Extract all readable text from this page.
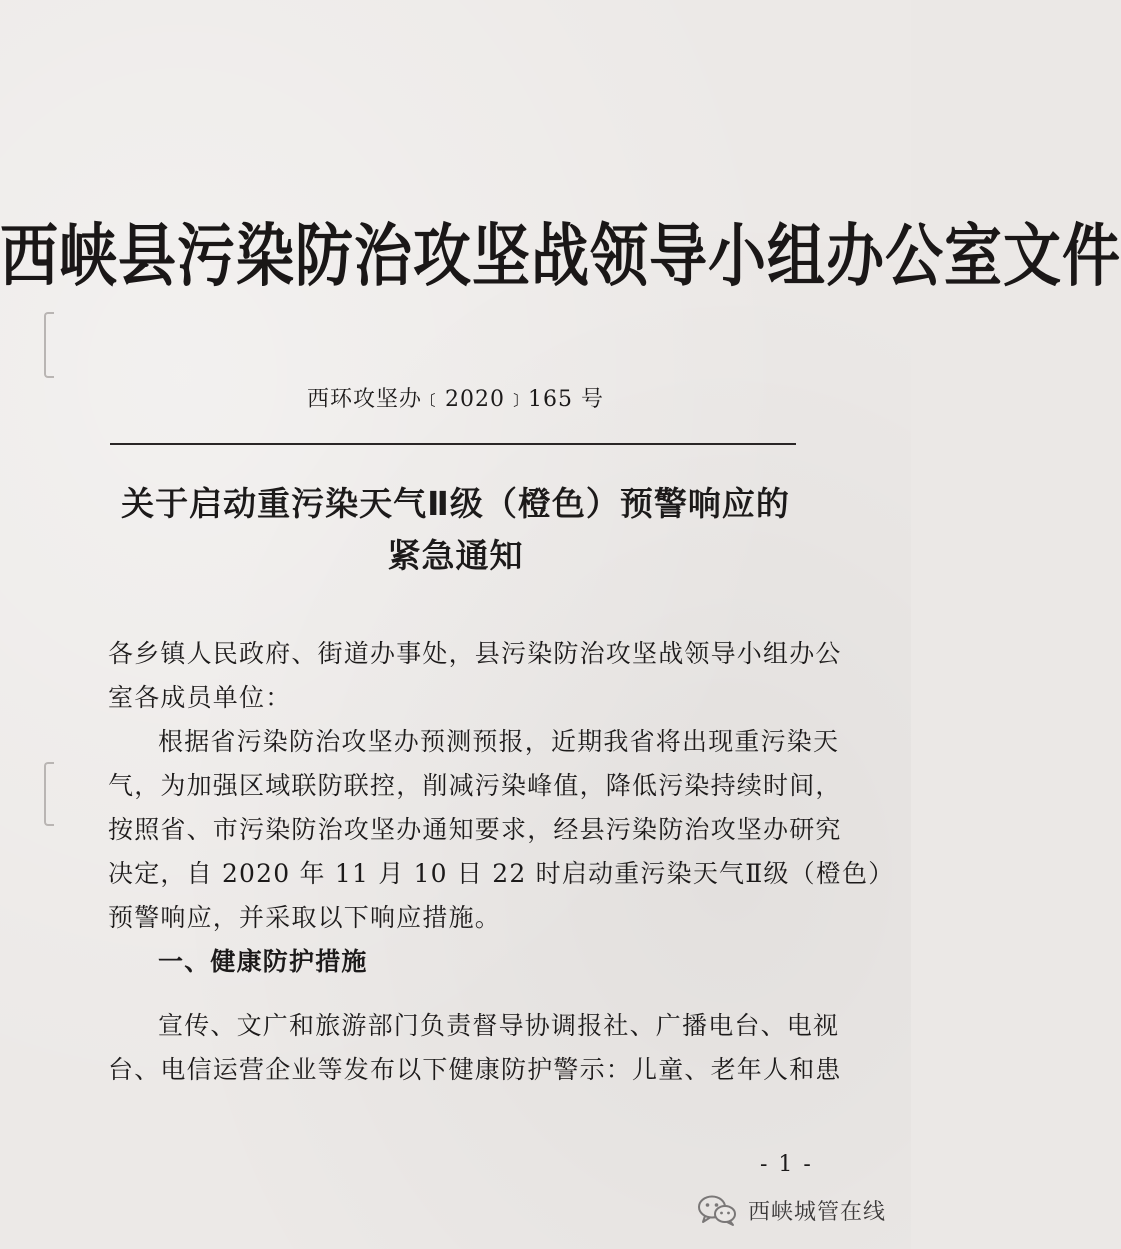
西峡县污染防治攻坚战领导小组办公室文件
西环攻坚办﹝2020﹞165 号
关于启动重污染天气Ⅱ级（橙色）预警响应的
紧急通知
各乡镇人民政府、街道办事处，县污染防治攻坚战领导小组办公
室各成员单位：
根据省污染防治攻坚办预测预报，近期我省将出现重污染天
气，为加强区域联防联控，削减污染峰值，降低污染持续时间，
按照省、市污染防治攻坚办通知要求，经县污染防治攻坚办研究
决定，自 2020 年 11 月 10 日 22 时启动重污染天气Ⅱ级（橙色）
预警响应，并采取以下响应措施。
一、健康防护措施
宣传、文广和旅游部门负责督导协调报社、广播电台、电视
台、电信运营企业等发布以下健康防护警示：儿童、老年人和患
- 1 -
西峡城管在线
